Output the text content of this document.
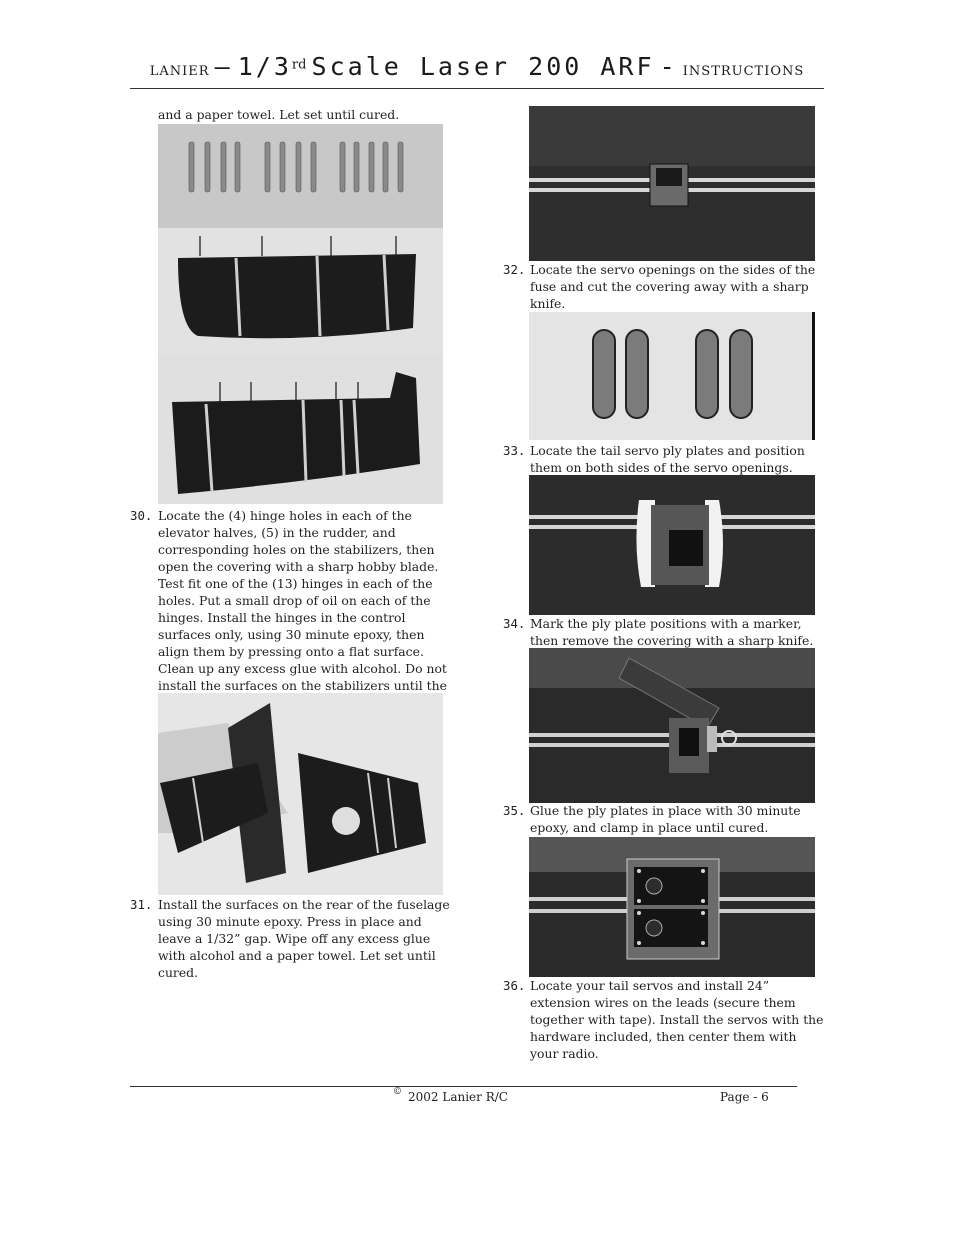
LANIER – 1/3rd Scale Laser 200 ARF - INSTRUCTIONS
and a paper towel. Let set until cured.
30. Locate the (4) hinge holes in each of the elevator halves, (5) in the rudder, and corresponding holes on the stabilizers, then open the covering with a sharp hobby blade. Test fit one of the (13) hinges in each of the holes. Put a small drop of oil on each of the hinges. Install the hinges in the control surfaces only, using 30 minute epoxy, then align them by pressing onto a flat surface. Clean up any excess glue with alcohol. Do not install the surfaces on the stabilizers until the
31. Install the surfaces on the rear of the fuselage using 30 minute epoxy. Press in place and leave a 1/32” gap. Wipe off any excess glue with alcohol and a paper towel. Let set until cured.
32. Locate the servo openings on the sides of the fuse and cut the covering away with a sharp knife.
33. Locate the tail servo ply plates and position them on both sides of the servo openings.
34. Mark the ply plate positions with a marker, then remove the covering with a sharp knife.
35. Glue the ply plates in place with 30 minute epoxy, and clamp in place until cured.
36. Locate your tail servos and install 24” extension wires on the leads (secure them together with tape). Install the servos with the hardware included, then center them with your radio.
© 2002 Lanier R/C	Page - 6
